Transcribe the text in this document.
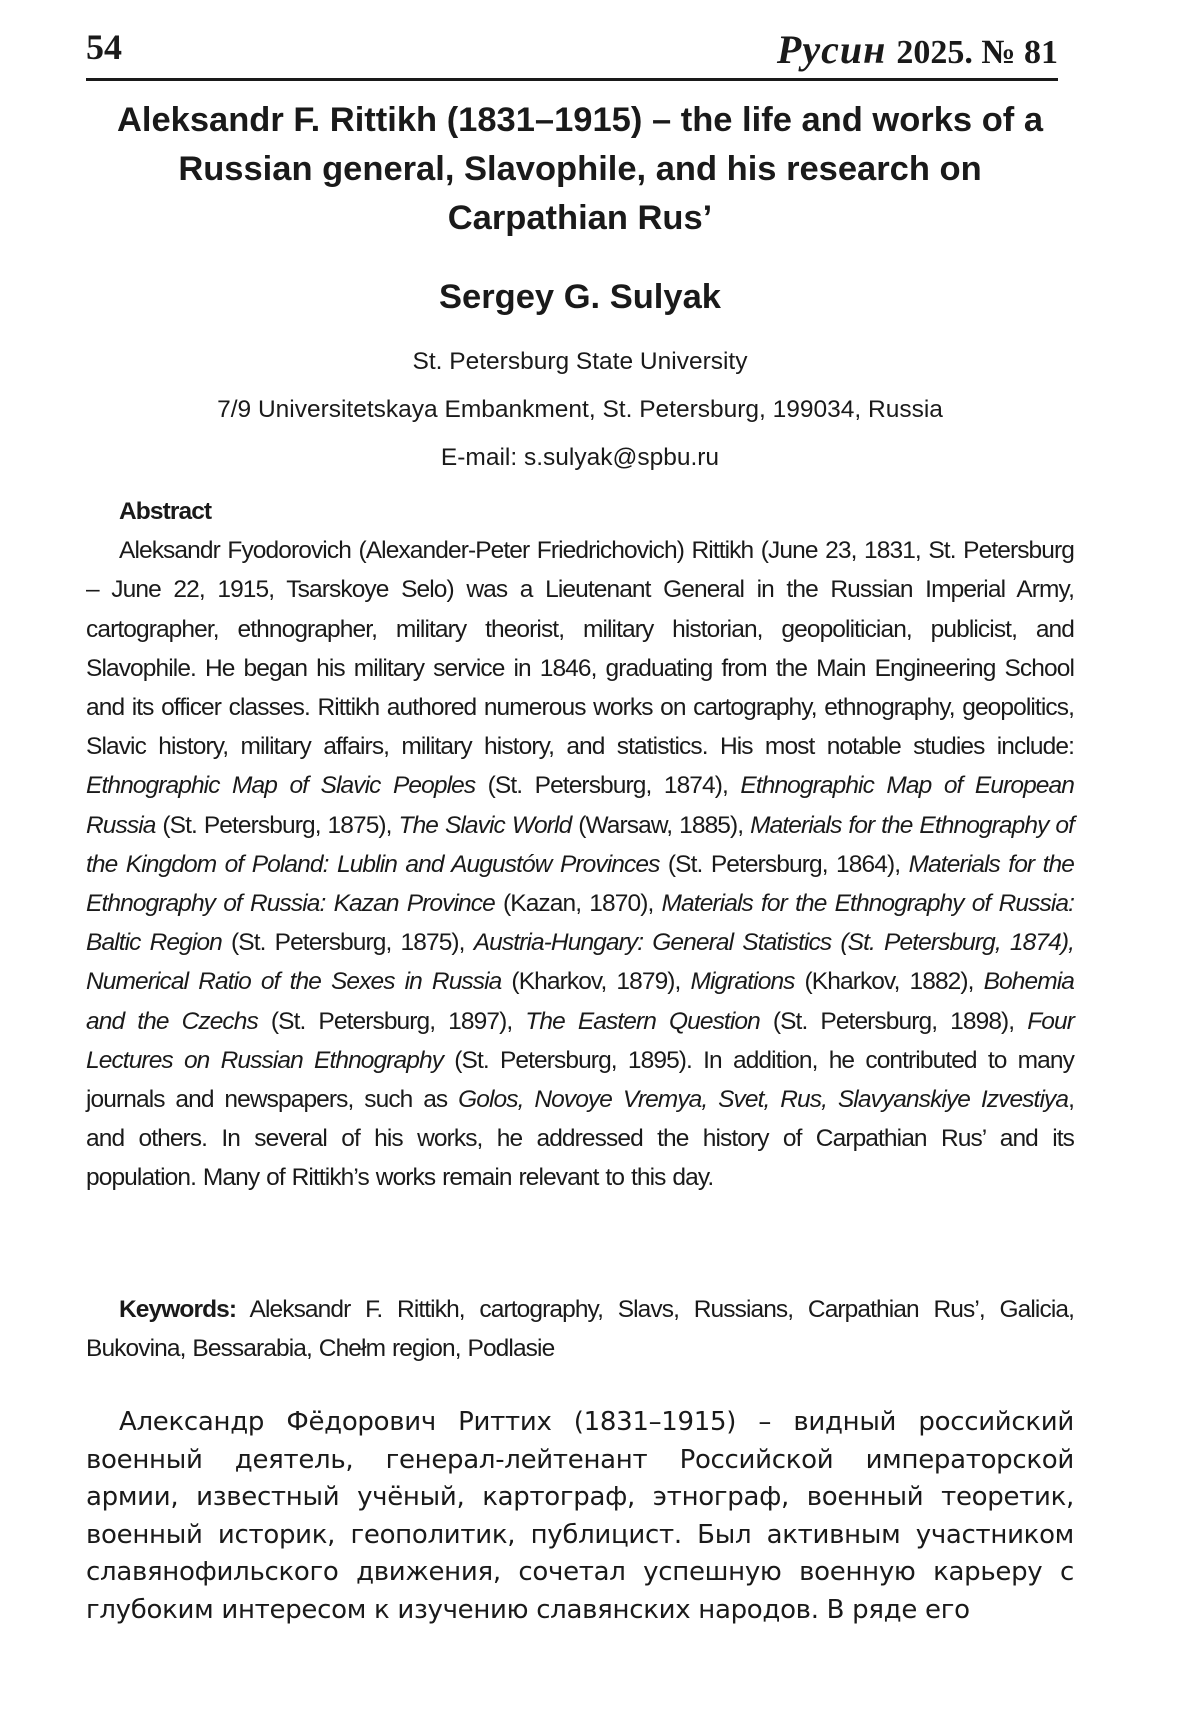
54	Русин 2025. № 81
Aleksandr F. Rittikh (1831–1915) – the life and works of a Russian general, Slavophile, and his research on Carpathian Rus’
Sergey G. Sulyak
St. Petersburg State University
7/9 Universitetskaya Embankment, St. Petersburg, 199034, Russia
E-mail: s.sulyak@spbu.ru
Abstract

Aleksandr Fyodorovich (Alexander-Peter Friedrichovich) Rittikh (June 23, 1831, St. Petersburg – June 22, 1915, Tsarskoye Selo) was a Lieutenant General in the Russian Imperial Army, cartographer, ethnographer, military theorist, military historian, geopolitician, publicist, and Slavophile. He began his military service in 1846, graduating from the Main Engineering School and its officer classes. Rittikh authored numerous works on cartography, ethnography, geopolitics, Slavic history, military affairs, military history, and statistics. His most notable studies include: Ethnographic Map of Slavic Peoples (St. Petersburg, 1874), Ethnographic Map of European Russia (St. Petersburg, 1875), The Slavic World (Warsaw, 1885), Materials for the Ethnography of the Kingdom of Poland: Lublin and Augustów Provinces (St. Petersburg, 1864), Materials for the Ethnography of Russia: Kazan Province (Kazan, 1870), Materials for the Ethnography of Russia: Baltic Region (St. Petersburg, 1875), Austria-Hungary: General Statistics (St. Petersburg, 1874), Numerical Ratio of the Sexes in Russia (Kharkov, 1879), Migrations (Kharkov, 1882), Bohemia and the Czechs (St. Petersburg, 1897), The Eastern Question (St. Petersburg, 1898), Four Lectures on Russian Ethnography (St. Petersburg, 1895). In addition, he contributed to many journals and newspapers, such as Golos, Novoye Vremya, Svet, Rus, Slavyanskiye Izvestiya, and others. In several of his works, he addressed the history of Carpathian Rus’ and its population. Many of Rittikh’s works remain relevant to this day.

Keywords: Aleksandr F. Rittikh, cartography, Slavs, Russians, Carpathian Rus’, Galicia, Bukovina, Bessarabia, Chełm region, Podlasie

Александр Фёдорович Риттих (1831–1915) – видный российский военный деятель, генерал-лейтенант Российской императорской армии, известный учёный, картограф, этнограф, военный теоретик, военный историк, геополитик, публицист. Был активным участником славянофильского движения, сочетал успешную военную карьеру с глубоким интересом к изучению славянских народов. В ряде его
